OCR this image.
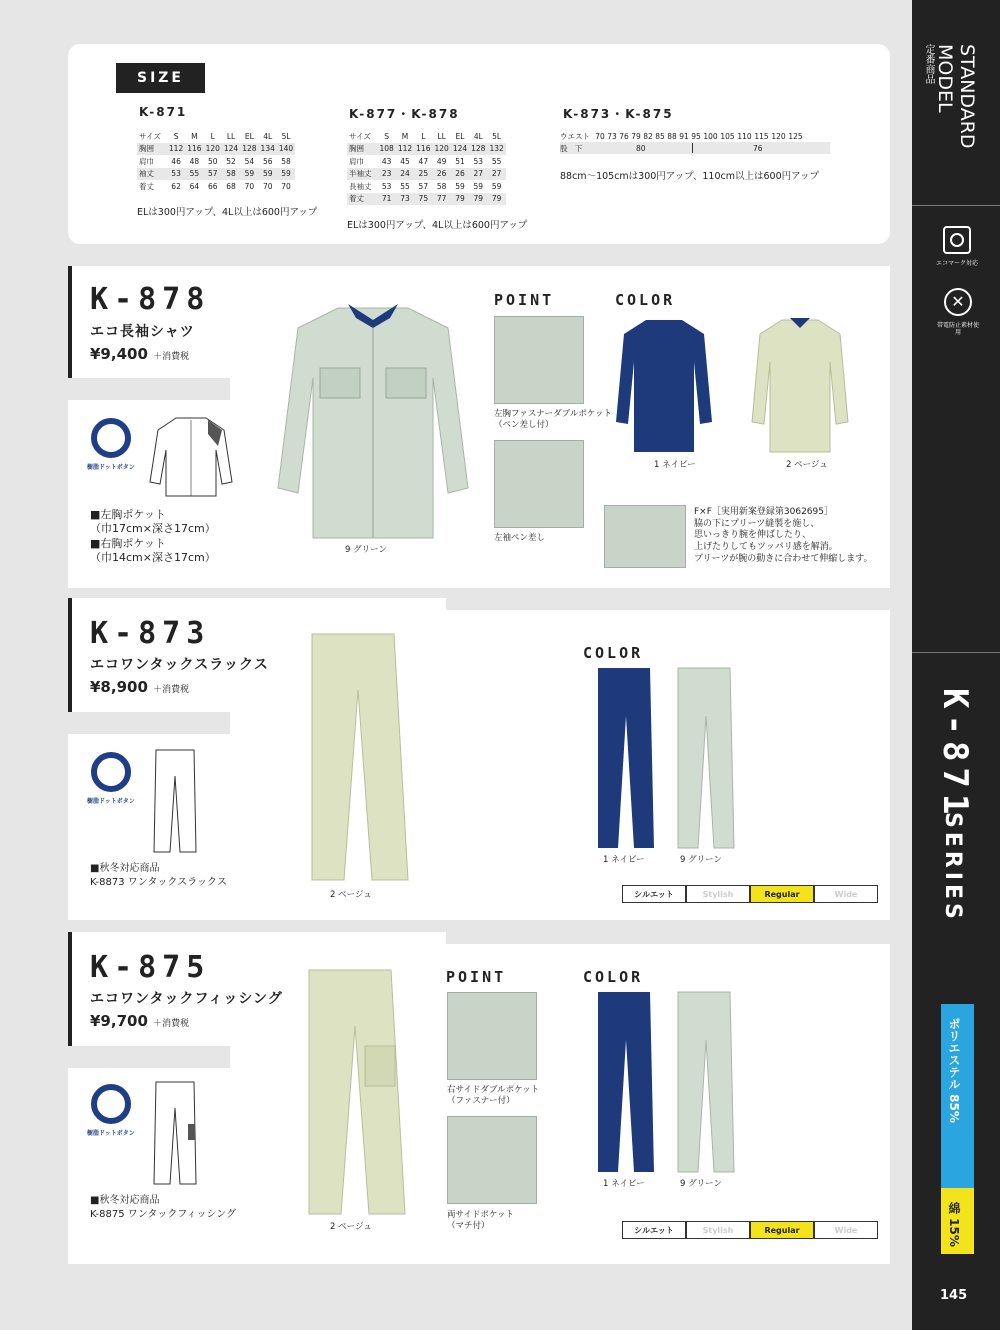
SIZE
K-871
サイズ	S	M	L	LL	EL	4L	5L
胸囲	112	116	120	124	128	134	140
肩巾	46	48	50	52	54	56	58
袖丈	53	55	57	58	59	59	59
着丈	62	64	66	68	70	70	70
ELは300円アップ、4L以上は600円アップ
K-877・K-878
サイズ	S	M	L	LL	EL	4L	5L
胸囲	108	112	116	120	124	128	132
肩巾	43	45	47	49	51	53	55
半袖丈	23	24	25	26	26	27	27
長袖丈	53	55	57	58	59	59	59
着丈	71	73	75	77	79	79	79
ELは300円アップ、4L以上は600円アップ
K-873・K-875
ウエスト 70 73 76 79 82 85 88 91 95 100 105 110 115 120 125
股　下	80	76
88cm～105cmは300円アップ、110cm以上は600円アップ
STANDARD
MODEL
定番商品
エコマーク対応
✕
帯電防止素材使用
K-871
SERIES
ポリエステル 85%
綿 15%
145
K-878
エコ長袖シャツ
¥9,400 ＋消費税
樹脂ドットボタン
■左胸ポケット
（巾17cm×深さ17cm）
■右胸ポケット
（巾14cm×深さ17cm）
9 グリーン
POINT
左胸ファスナーダブルポケット
（ペン差し付）
左袖ペン差し
COLOR
1 ネイビー	2 ベージュ
F×F［実用新案登録第3062695］
脇の下にプリーツ縫製を施し、
思いっきり腕を伸ばしたり、
上げたりしてもツッパリ感を解消。
プリーツが腕の動きに合わせて伸縮します。
K-873
エコワンタックスラックス
¥8,900 ＋消費税
樹脂ドットボタン
■秋冬対応商品
K-8873 ワンタックスラックス
2 ベージュ
COLOR
1 ネイビー	9 グリーン
シルエット	Stylish	Regular	Wide
K-875
エコワンタックフィッシング
¥9,700 ＋消費税
樹脂ドットボタン
■秋冬対応商品
K-8875 ワンタックフィッシング
2 ベージュ
POINT
右サイドダブルポケット
（ファスナー付）
両サイドポケット
（マチ付）
COLOR
1 ネイビー	9 グリーン
シルエット	Stylish	Regular	Wide
